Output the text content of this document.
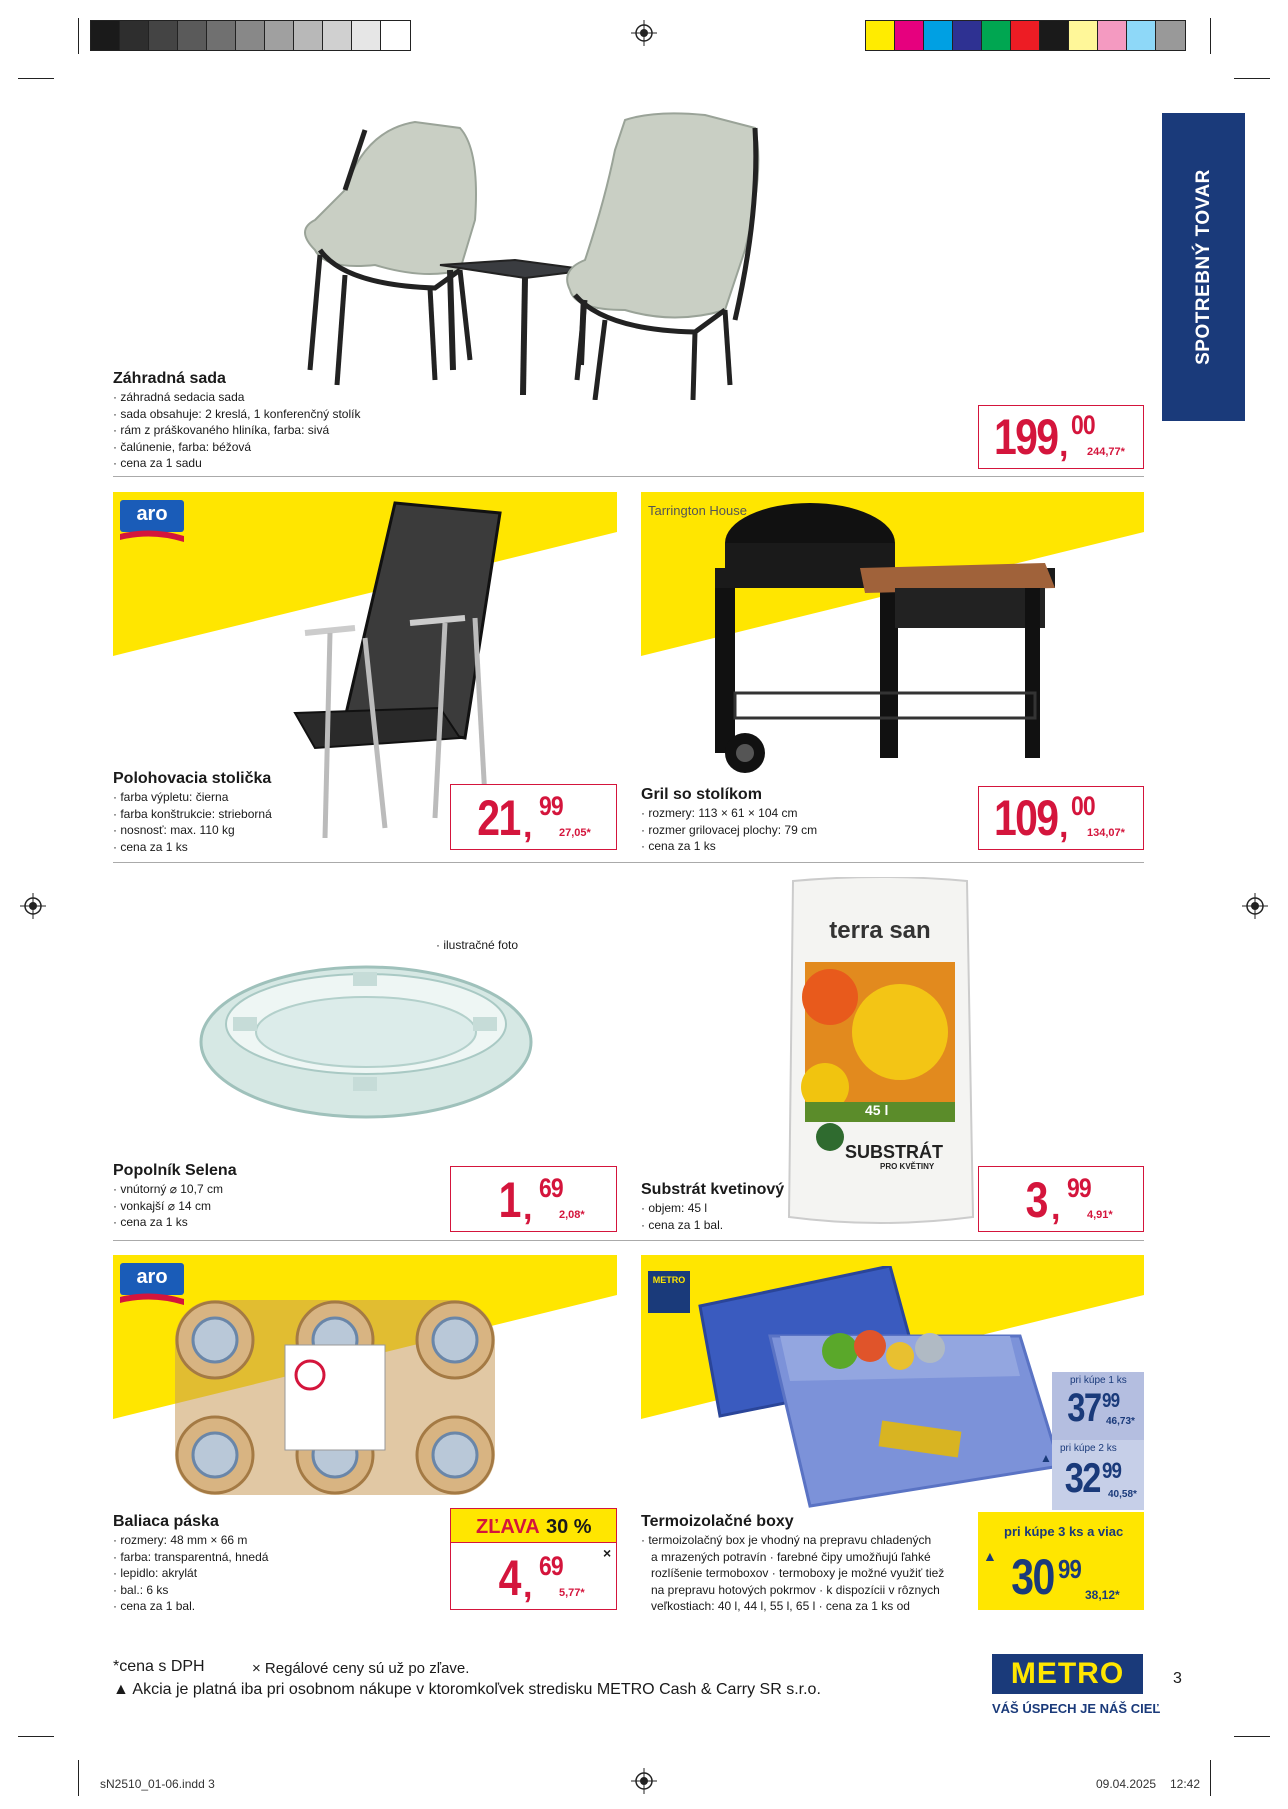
SPOTREBNÝ TOVAR
Záhradná sada
· záhradná sedacia sada
· sada obsahuje: 2 kreslá, 1 konferenčný stolík
· rám z práškovaného hliníka, farba: sivá
· čalúnenie, farba: béžová
· cena za 1 sadu	199 ,
00
244,77*
aro
Polohovacia stolička
· farba výpletu: čierna
· farba konštrukcie: strieborná
· nosnosť: max. 110 kg
· cena za 1 ks
21 ,
99
27,05*
Tarrington House
Gril so stolíkom
· rozmery: 113 × 61 × 104 cm
· rozmer grilovacej plochy: 79 cm
· cena za 1 ks	109 ,
00
134,07*
· ilustračné foto
Popolník Selena
· vnútorný ⌀ 10,7 cm
· vonkajší ⌀ 14 cm
· cena za 1 ks	1 ,
69
2,08*
terra san
45 l
SUBSTRÁT
PRO KVĚTINY
Substrát kvetinový
· objem: 45 l
· cena za 1 bal.	3 ,
99
4,91*
aro
Baliaca páska
· rozmery: 48 mm × 66 m
· farba: transparentná, hnedá
· lepidlo: akrylát
· bal.: 6 ks
· cena za 1 bal.
ZĽAVA 30 %
4 ,
69
5,77*
×
METRO
Termoizolačné boxy
· termoizolačný box je vhodný na prepravu chladených
a mrazených potravín · farebné čipy umožňujú ľahké
rozlíšenie termoboxov · termoboxy je možné využiť tiež
na prepravu hotových pokrmov · k dispozícii v rôznych
veľkostiach: 40 l, 44 l, 55 l, 65 l · cena za 1 ks od
pri kúpe 1 ks
37 99
46,73*
pri kúpe 2 ks
32 99
40,58*
pri kúpe 3 ks a viac
▲ 30 99
38,12*
▲
*cena s DPH	× Regálové ceny sú už po zľave.
▲ Akcia je platná iba pri osobnom nákupe v ktoromkoľvek stredisku METRO Cash & Carry SR s.r.o.	METRO
VÁŠ ÚSPECH JE NÁŠ CIEĽ
3
sN2510_01-06.indd 3	09.04.2025 12:42
